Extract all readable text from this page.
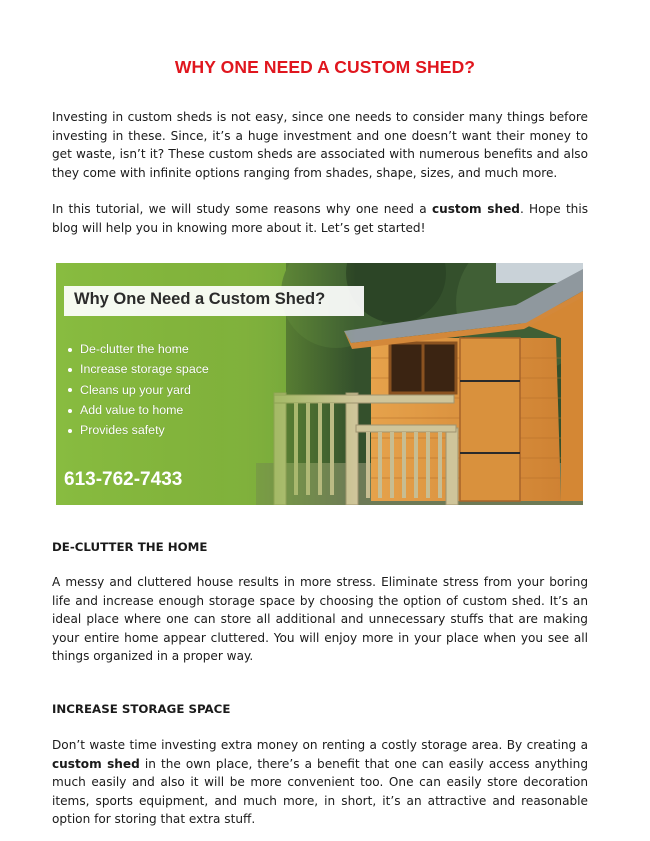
WHY ONE NEED A CUSTOM SHED?

Investing in custom sheds is not easy, since one needs to consider many things before investing in these. Since, it’s a huge investment and one doesn’t want their money to get waste, isn’t it? These custom sheds are associated with numerous benefits and also they come with infinite options ranging from shades, shape, sizes, and much more.

In this tutorial, we will study some reasons why one need a custom shed. Hope this blog will help you in knowing more about it. Let’s get started!

Why One Need a Custom Shed?
De-clutter the home
Increase storage space
Cleans up your yard
Add value to home
Provides safety
613-762-7433
DE-CLUTTER THE HOME

A messy and cluttered house results in more stress. Eliminate stress from your boring life and increase enough storage space by choosing the option of custom shed. It’s an ideal place where one can store all additional and unnecessary stuffs that are making your entire home appear cluttered. You will enjoy more in your place when you see all things organized in a proper way.

INCREASE STORAGE SPACE

Don’t waste time investing extra money on renting a costly storage area. By creating a custom shed in the own place, there’s a benefit that one can easily access anything much easily and also it will be more convenient too. One can easily store decoration items, sports equipment, and much more, in short, it’s an attractive and reasonable option for storing that extra stuff.
